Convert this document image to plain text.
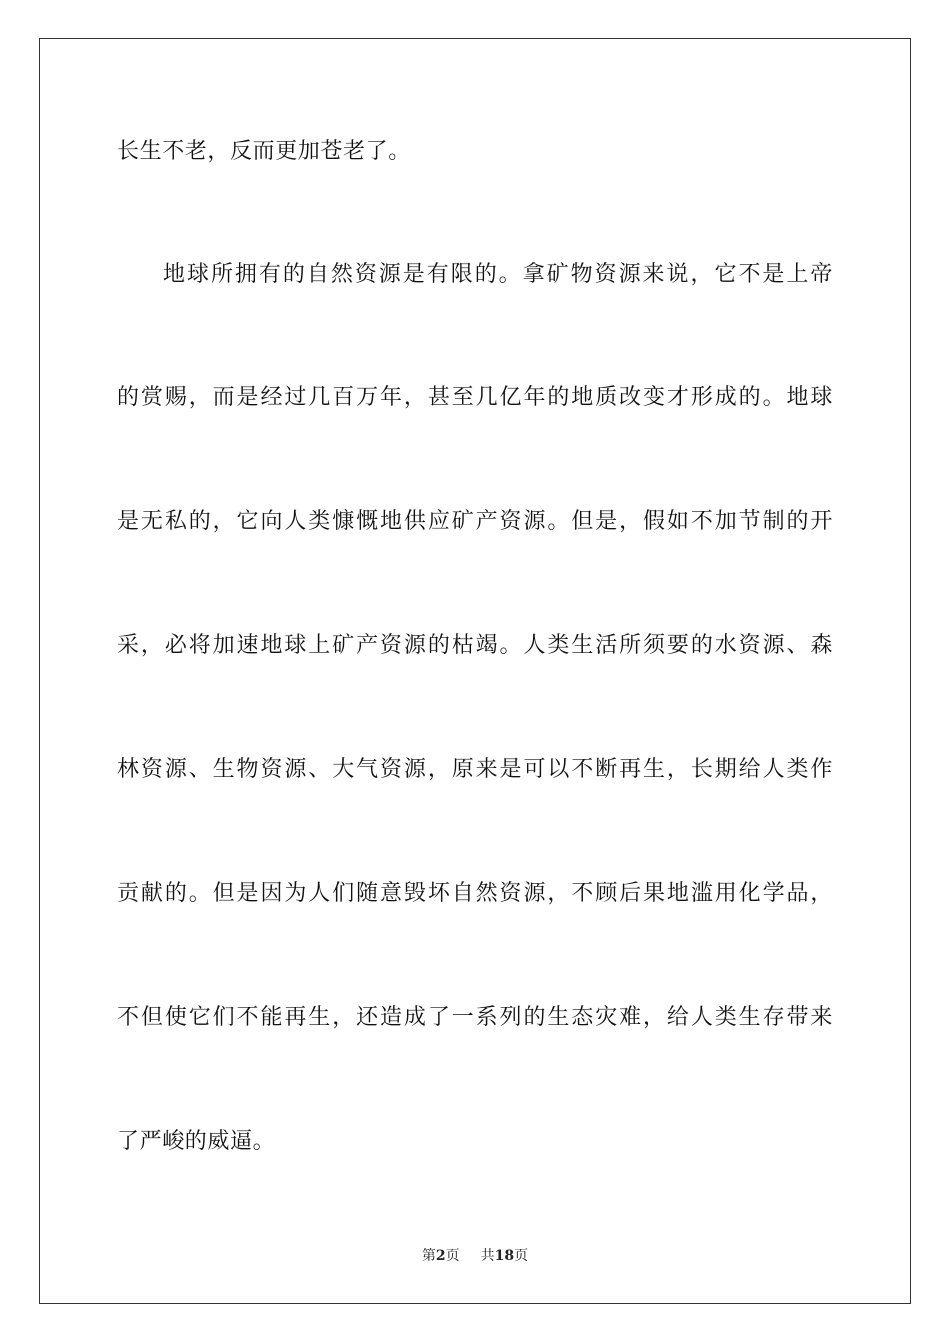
长生不老，反而更加苍老了。
地球所拥有的自然资源是有限的。拿矿物资源来说，它不是上帝
的赏赐，而是经过几百万年，甚至几亿年的地质改变才形成的。地球
是无私的，它向人类慷慨地供应矿产资源。但是，假如不加节制的开
采，必将加速地球上矿产资源的枯竭。人类生活所须要的水资源、森
林资源、生物资源、大气资源，原来是可以不断再生，长期给人类作
贡献的。但是因为人们随意毁坏自然资源，不顾后果地滥用化学品，
不但使它们不能再生，还造成了一系列的生态灾难，给人类生存带来
了严峻的威逼。
第2页 共18页
